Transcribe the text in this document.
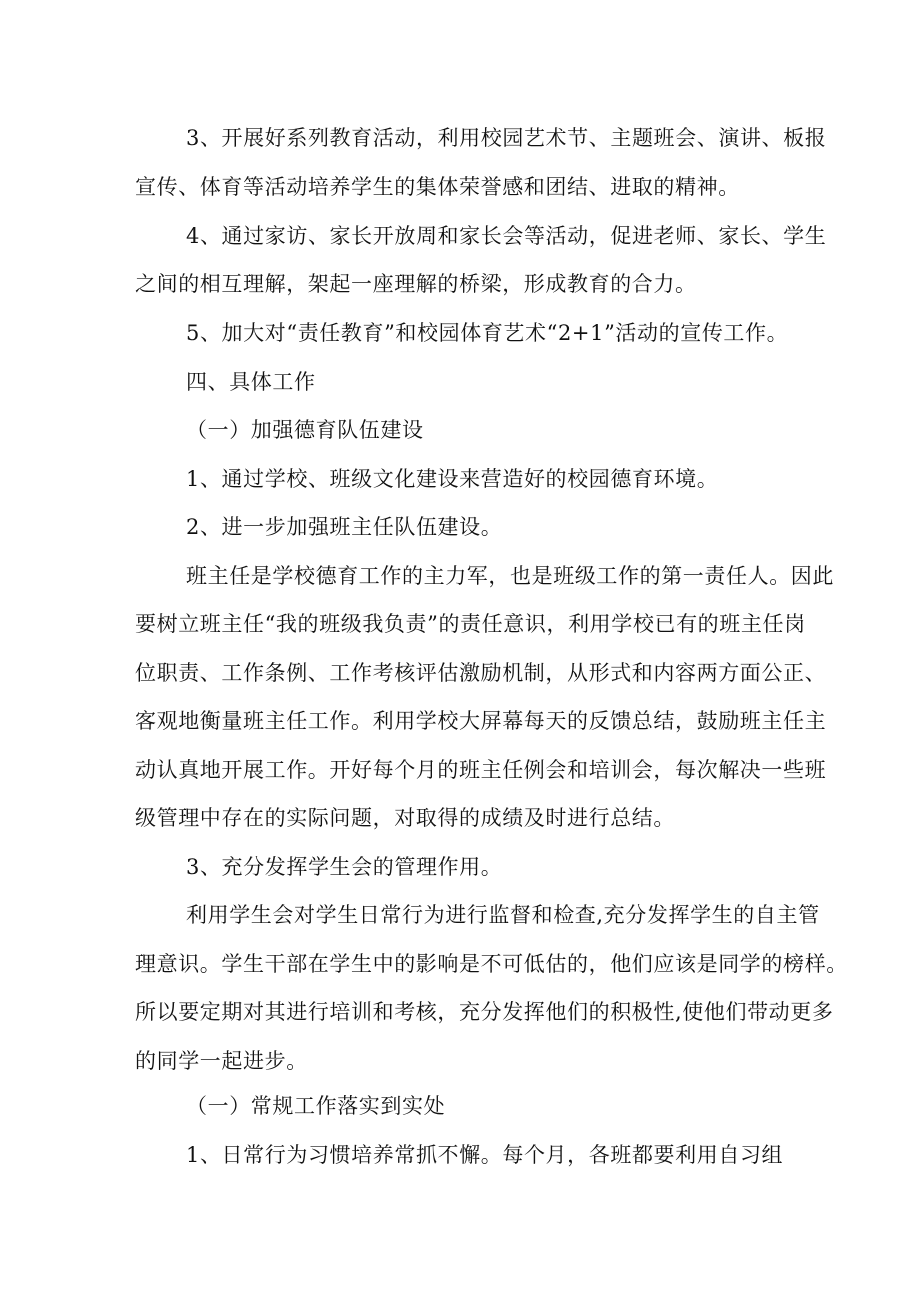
3、开展好系列教育活动，利用校园艺术节、主题班会、演讲、板报
宣传、体育等活动培养学生的集体荣誉感和团结、进取的精神。
4、通过家访、家长开放周和家长会等活动，促进老师、家长、学生
之间的相互理解，架起一座理解的桥梁，形成教育的合力。
5、加大对“责任教育”和校园体育艺术“2+1”活动的宣传工作。
四、具体工作
（一）加强德育队伍建设
1、通过学校、班级文化建设来营造好的校园德育环境。
2、进一步加强班主任队伍建设。
班主任是学校德育工作的主力军，也是班级工作的第一责任人。因此
要树立班主任“我的班级我负责”的责任意识，利用学校已有的班主任岗
位职责、工作条例、工作考核评估激励机制，从形式和内容两方面公正、
客观地衡量班主任工作。利用学校大屏幕每天的反馈总结，鼓励班主任主
动认真地开展工作。开好每个月的班主任例会和培训会，每次解决一些班
级管理中存在的实际问题，对取得的成绩及时进行总结。
3、充分发挥学生会的管理作用。
利用学生会对学生日常行为进行监督和检查,充分发挥学生的自主管
理意识。学生干部在学生中的影响是不可低估的，他们应该是同学的榜样。
所以要定期对其进行培训和考核，充分发挥他们的积极性,使他们带动更多
的同学一起进步。
（一）常规工作落实到实处
1、日常行为习惯培养常抓不懈。每个月，各班都要利用自习组
